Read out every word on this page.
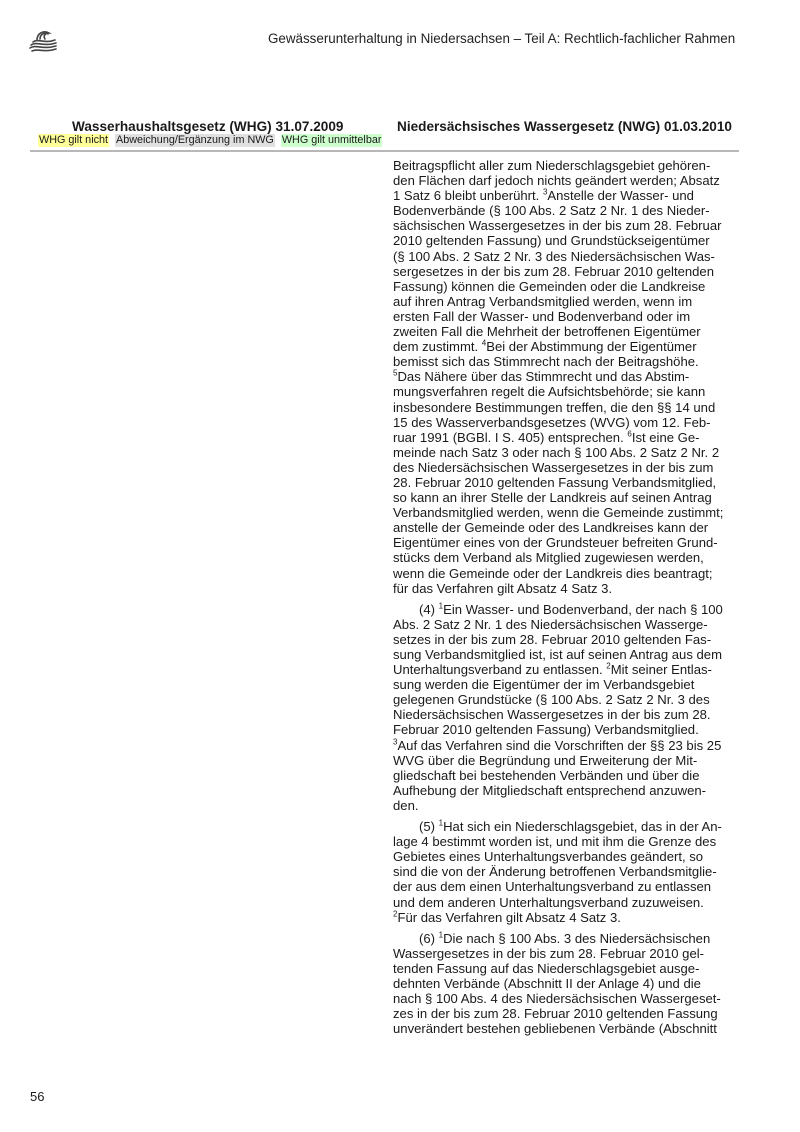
Gewässerunterhaltung in Niedersachsen – Teil A: Rechtlich-fachlicher Rahmen
Wasserhaushaltsgesetz (WHG) 31.07.2009	Niedersächsisches Wassergesetz (NWG) 01.03.2010
WHG gilt nicht Abweichung/Ergänzung im NWG WHG gilt unmittelbar

Beitragspflicht aller zum Niederschlagsgebiet gehören-
den Flächen darf jedoch nichts geändert werden; Absatz
1 Satz 6 bleibt unberührt. $^3$Anstelle der Wasser- und
Bodenverbände (§ 100 Abs. 2 Satz 2 Nr. 1 des Nieder-
sächsischen Wassergesetzes in der bis zum 28. Februar
2010 geltenden Fassung) und Grundstückseigentümer
(§ 100 Abs. 2 Satz 2 Nr. 3 des Niedersächsischen Was-
sergesetzes in der bis zum 28. Februar 2010 geltenden
Fassung) können die Gemeinden oder die Landkreise
auf ihren Antrag Verbandsmitglied werden, wenn im
ersten Fall der Wasser- und Bodenverband oder im
zweiten Fall die Mehrheit der betroffenen Eigentümer
dem zustimmt. $^4$Bei der Abstimmung der Eigentümer
bemisst sich das Stimmrecht nach der Beitragshöhe.
$^5$Das Nähere über das Stimmrecht und das Abstim-
mungsverfahren regelt die Aufsichtsbehörde; sie kann
insbesondere Bestimmungen treffen, die den §§ 14 und
15 des Wasserverbandsgesetzes (WVG) vom 12. Feb-
ruar 1991 (BGBl. I S. 405) entsprechen. $^6$Ist eine Ge-
meinde nach Satz 3 oder nach § 100 Abs. 2 Satz 2 Nr. 2
des Niedersächsischen Wassergesetzes in der bis zum
28. Februar 2010 geltenden Fassung Verbandsmitglied,
so kann an ihrer Stelle der Landkreis auf seinen Antrag
Verbandsmitglied werden, wenn die Gemeinde zustimmt;
anstelle der Gemeinde oder des Landkreises kann der
Eigentümer eines von der Grundsteuer befreiten Grund-
stücks dem Verband als Mitglied zugewiesen werden,
wenn die Gemeinde oder der Landkreis dies beantragt;
für das Verfahren gilt Absatz 4 Satz 3.

(4) $^1$Ein Wasser- und Bodenverband, der nach § 100
Abs. 2 Satz 2 Nr. 1 des Niedersächsischen Wasserge-
setzes in der bis zum 28. Februar 2010 geltenden Fas-
sung Verbandsmitglied ist, ist auf seinen Antrag aus dem
Unterhaltungsverband zu entlassen. $^2$Mit seiner Entlas-
sung werden die Eigentümer der im Verbandsgebiet
gelegenen Grundstücke (§ 100 Abs. 2 Satz 2 Nr. 3 des
Niedersächsischen Wassergesetzes in der bis zum 28.
Februar 2010 geltenden Fassung) Verbandsmitglied.
$^3$Auf das Verfahren sind die Vorschriften der §§ 23 bis 25
WVG über die Begründung und Erweiterung der Mit-
gliedschaft bei bestehenden Verbänden und über die
Aufhebung der Mitgliedschaft entsprechend anzuwen-
den.

(5) $^1$Hat sich ein Niederschlagsgebiet, das in der An-
lage 4 bestimmt worden ist, und mit ihm die Grenze des
Gebietes eines Unterhaltungsverbandes geändert, so
sind die von der Änderung betroffenen Verbandsmitglie-
der aus dem einen Unterhaltungsverband zu entlassen
und dem anderen Unterhaltungsverband zuzuweisen.
$^2$Für das Verfahren gilt Absatz 4 Satz 3.

(6) $^1$Die nach § 100 Abs. 3 des Niedersächsischen
Wassergesetzes in der bis zum 28. Februar 2010 gel-
tenden Fassung auf das Niederschlagsgebiet ausge-
dehnten Verbände (Abschnitt II der Anlage 4) und die
nach § 100 Abs. 4 des Niedersächsischen Wassergeset-
zes in der bis zum 28. Februar 2010 geltenden Fassung
unverändert bestehen gebliebenen Verbände (Abschnitt

56
